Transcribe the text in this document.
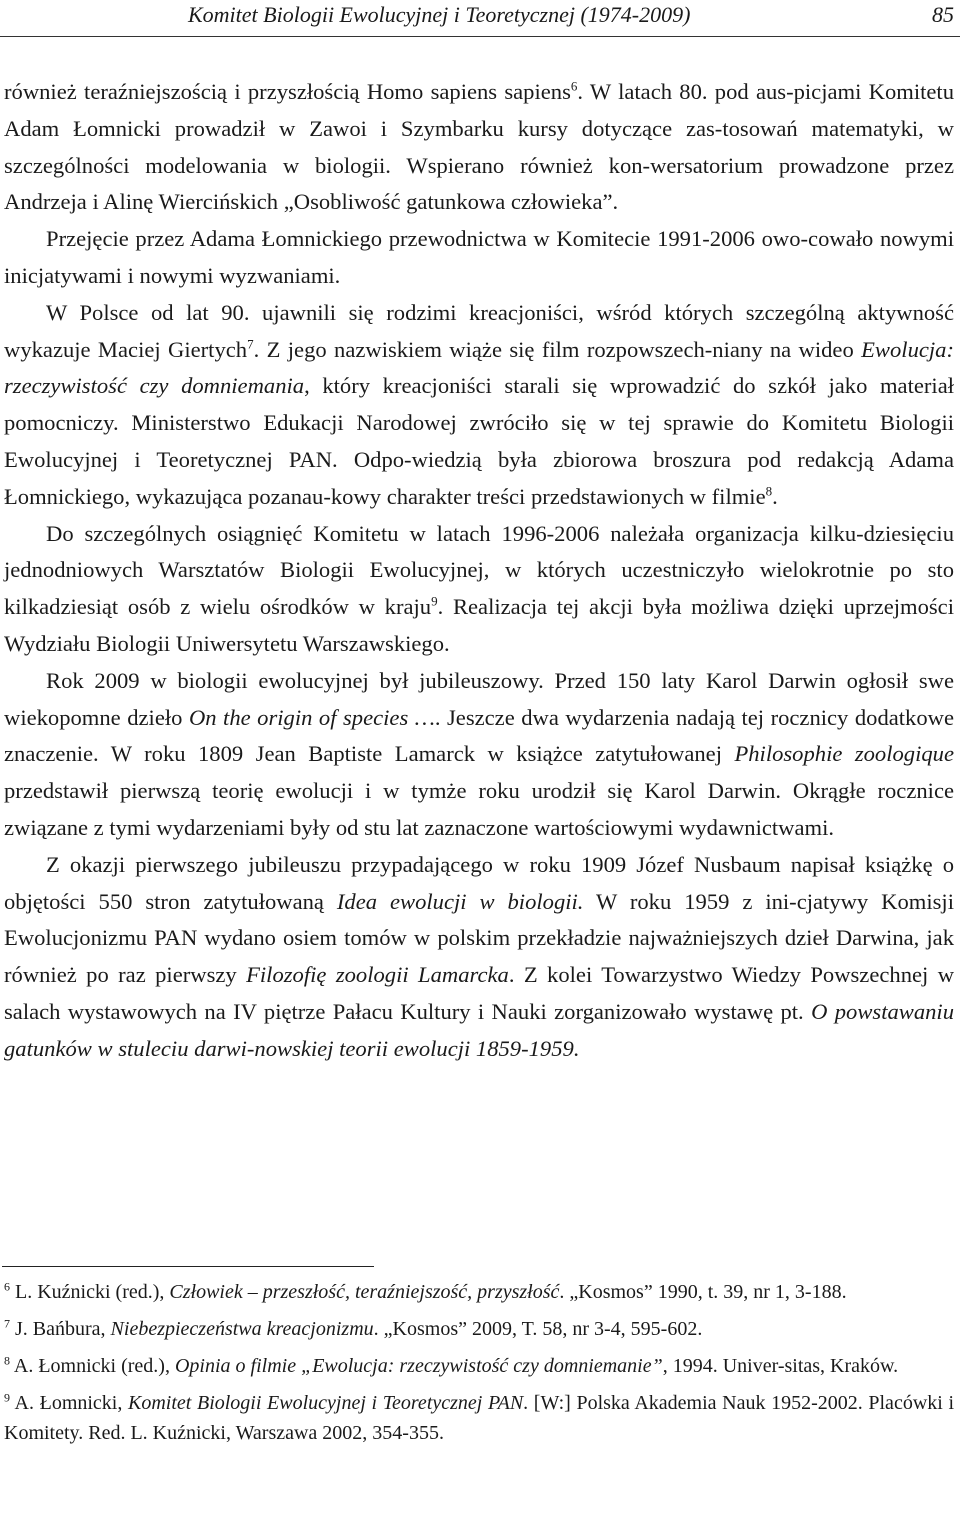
Komitet Biologii Ewolucyjnej i Teoretycznej (1974-2009)	85

również teraźniejszością i przyszłością Homo sapiens sapiens$^6$. W latach 80. pod aus-picjami Komitetu Adam Łomnicki prowadził w Zawoi i Szymbarku kursy dotyczące zas-tosowań matematyki, w szczególności modelowania w biologii. Wspierano również kon-wersatorium prowadzone przez Andrzeja i Alinę Wiercińskich „Osobliwość gatunkowa człowieka”.

Przejęcie przez Adama Łomnickiego przewodnictwa w Komitecie 1991-2006 owo-cowało nowymi inicjatywami i nowymi wyzwaniami.

W Polsce od lat 90. ujawnili się rodzimi kreacjoniści, wśród których szczególną aktywność wykazuje Maciej Giertych$^7$. Z jego nazwiskiem wiąże się film rozpowszech-niany na wideo Ewolucja: rzeczywistość czy domniemania, który kreacjoniści starali się wprowadzić do szkół jako materiał pomocniczy. Ministerstwo Edukacji Narodowej zwróciło się w tej sprawie do Komitetu Biologii Ewolucyjnej i Teoretycznej PAN. Odpo-wiedzią była zbiorowa broszura pod redakcją Adama Łomnickiego, wykazująca pozanau-kowy charakter treści przedstawionych w filmie$^8$.

Do szczególnych osiągnięć Komitetu w latach 1996-2006 należała organizacja kilku-dziesięciu jednodniowych Warsztatów Biologii Ewolucyjnej, w których uczestniczyło wielokrotnie po sto kilkadziesiąt osób z wielu ośrodków w kraju$^9$. Realizacja tej akcji była możliwa dzięki uprzejmości Wydziału Biologii Uniwersytetu Warszawskiego.

Rok 2009 w biologii ewolucyjnej był jubileuszowy. Przed 150 laty Karol Darwin ogłosił swe wiekopomne dzieło On the origin of species …. Jeszcze dwa wydarzenia nadają tej rocznicy dodatkowe znaczenie. W roku 1809 Jean Baptiste Lamarck w książce zatytułowanej Philosophie zoologique przedstawił pierwszą teorię ewolucji i w tymże roku urodził się Karol Darwin. Okrągłe rocznice związane z tymi wydarzeniami były od stu lat zaznaczone wartościowymi wydawnictwami.

Z okazji pierwszego jubileuszu przypadającego w roku 1909 Józef Nusbaum napisał książkę o objętości 550 stron zatytułowaną Idea ewolucji w biologii. W roku 1959 z ini-cjatywy Komisji Ewolucjonizmu PAN wydano osiem tomów w polskim przekładzie najważniejszych dzieł Darwina, jak również po raz pierwszy Filozofię zoologii Lamarcka. Z kolei Towarzystwo Wiedzy Powszechnej w salach wystawowych na IV piętrze Pałacu Kultury i Nauki zorganizowało wystawę pt. O powstawaniu gatunków w stuleciu darwi-nowskiej teorii ewolucji 1859-1959.

$^6$ L. Kuźnicki (red.), Człowiek – przeszłość, teraźniejszość, przyszłość. „Kosmos” 1990, t. 39, nr 1, 3-188.

$^7$ J. Bańbura, Niebezpieczeństwa kreacjonizmu. „Kosmos” 2009, T. 58, nr 3-4, 595-602.

$^8$ A. Łomnicki (red.), Opinia o filmie „Ewolucja: rzeczywistość czy domniemanie”, 1994. Univer-sitas, Kraków.

$^9$ A. Łomnicki, Komitet Biologii Ewolucyjnej i Teoretycznej PAN. [W:] Polska Akademia Nauk 1952-2002. Placówki i Komitety. Red. L. Kuźnicki, Warszawa 2002, 354-355.
